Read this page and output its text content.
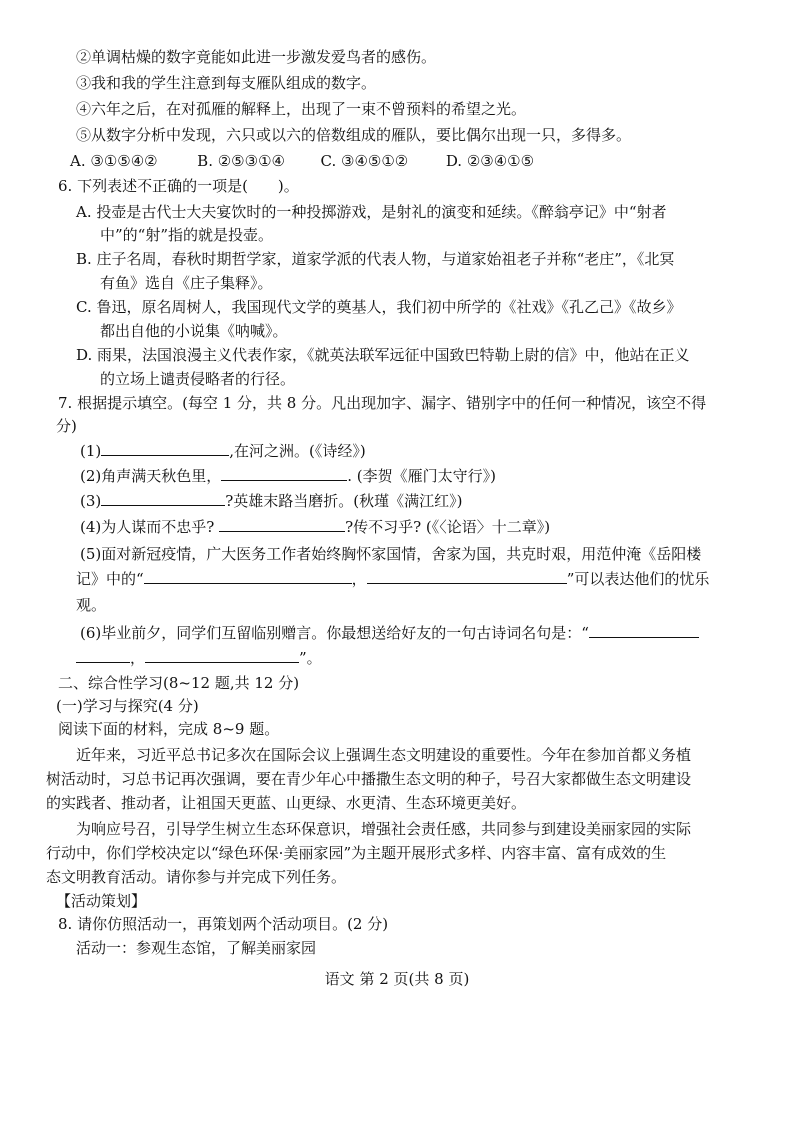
②单调枯燥的数字竟能如此进一步激发爱鸟者的感伤。
③我和我的学生注意到每支雁队组成的数字。
④六年之后，在对孤雁的解释上，出现了一束不曾预料的希望之光。
⑤从数字分析中发现，六只或以六的倍数组成的雁队，要比偶尔出现一只，多得多。
A. ③①⑤④②	B. ②⑤③①④ C. ③④⑤①②	D. ②③④①⑤
6. 下列表述不正确的一项是(　　)。
A. 投壶是古代士大夫宴饮时的一种投掷游戏，是射礼的演变和延续。《醉翁亭记》中“射者
中”的“射”指的就是投壶。
B. 庄子名周，春秋时期哲学家，道家学派的代表人物，与道家始祖老子并称“老庄”，《北冥
有鱼》选自《庄子集释》。
C. 鲁迅，原名周树人，我国现代文学的奠基人，我们初中所学的《社戏》《孔乙己》《故乡》
都出自他的小说集《呐喊》。
D. 雨果，法国浪漫主义代表作家，《就英法联军远征中国致巴特勒上尉的信》中，他站在正义
的立场上谴责侵略者的行径。
7. 根据提示填空。(每空 1 分，共 8 分。凡出现加字、漏字、错别字中的任何一种情况，该空不得
分)
(1)	,在河之洲。(《诗经》)
(2)角声满天秋色里，	. (李贺《雁门太守行》)
(3)	?英雄末路当磨折。(秋瑾《满江红》)
(4)为人谋而不忠乎?	?传不习乎? (《〈论语〉十二章》)
(5)面对新冠疫情，广大医务工作者始终胸怀家国情，舍家为国，共克时艰，用范仲淹《岳阳楼
记》中的“	，	”可以表达他们的忧乐
观。
(6)毕业前夕，同学们互留临别赠言。你最想送给好友的一句古诗词名句是：“
，	”。
二、综合性学习(8~12 题,共 12 分)
(一)学习与探究(4 分)
阅读下面的材料，完成 8~9 题。
近年来，习近平总书记多次在国际会议上强调生态文明建设的重要性。今年在参加首都义务植
树活动时，习总书记再次强调，要在青少年心中播撒生态文明的种子，号召大家都做生态文明建设
的实践者、推动者，让祖国天更蓝、山更绿、水更清、生态环境更美好。
为响应号召，引导学生树立生态环保意识，增强社会责任感，共同参与到建设美丽家园的实际
行动中，你们学校决定以“绿色环保·美丽家园”为主题开展形式多样、内容丰富、富有成效的生
态文明教育活动。请你参与并完成下列任务。
【活动策划】
8. 请你仿照活动一，再策划两个活动项目。(2 分)
活动一：参观生态馆，了解美丽家园
语文 第 2 页(共 8 页)
